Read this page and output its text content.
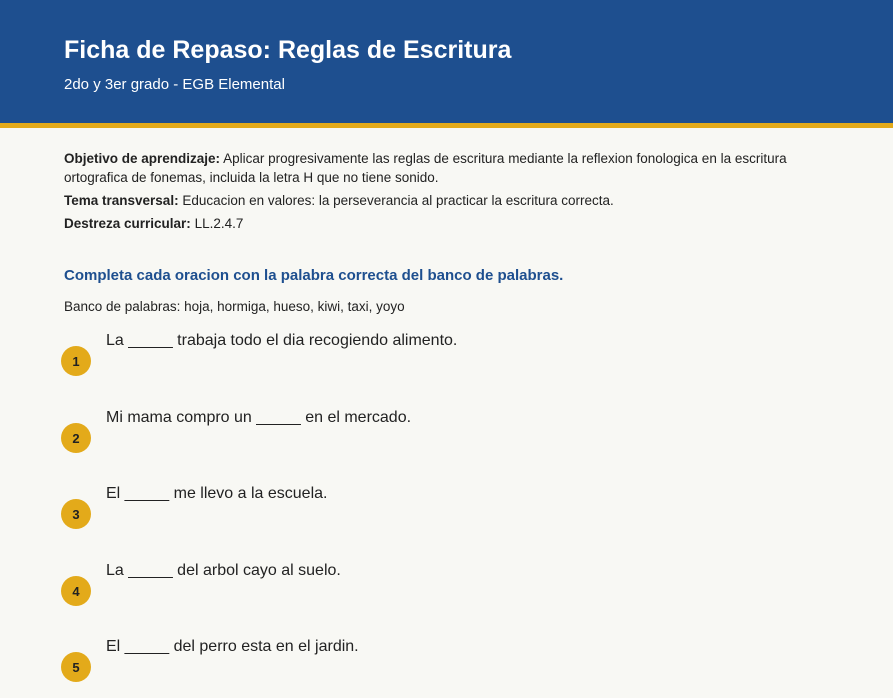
Ficha de Repaso: Reglas de Escritura
2do y 3er grado - EGB Elemental

Objetivo de aprendizaje: Aplicar progresivamente las reglas de escritura mediante la reflexion fonologica en la escritura ortografica de fonemas, incluida la letra H que no tiene sonido.

Tema transversal: Educacion en valores: la perseverancia al practicar la escritura correcta.

Destreza curricular: LL.2.4.7

Completa cada oracion con la palabra correcta del banco de palabras.
Banco de palabras: hoja, hormiga, hueso, kiwi, taxi, yoyo
1
La _____ trabaja todo el dia recogiendo alimento.
2
Mi mama compro un _____ en el mercado.
3
El _____ me llevo a la escuela.
4
La _____ del arbol cayo al suelo.
5
El _____ del perro esta en el jardin.
